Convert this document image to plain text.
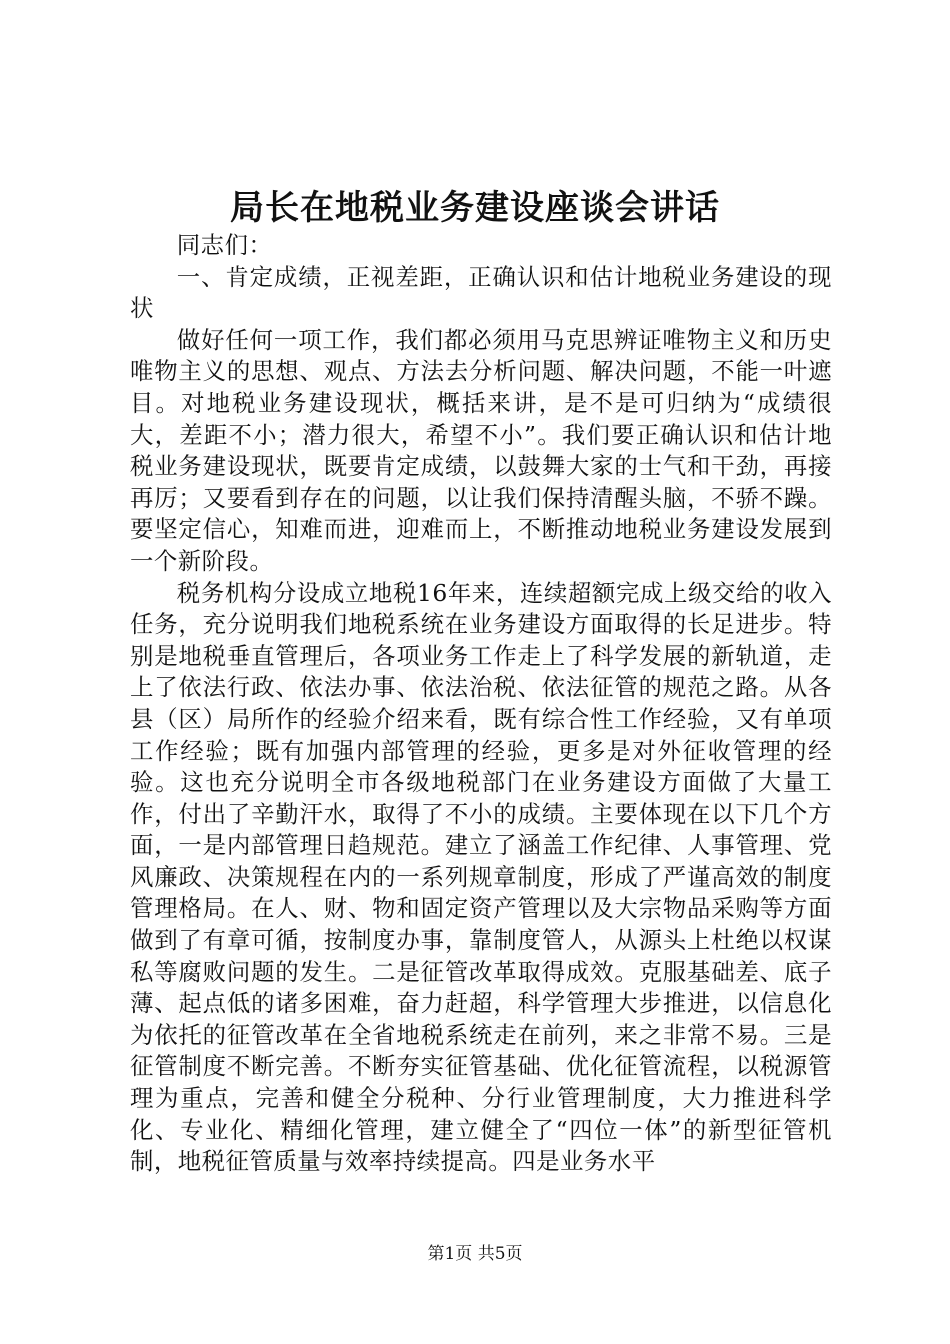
局长在地税业务建设座谈会讲话

同志们：

一、肯定成绩，正视差距，正确认识和估计地税业务建设的现状

做好任何一项工作，我们都必须用马克思辨证唯物主义和历史唯物主义的思想、观点、方法去分析问题、解决问题，不能一叶遮目。对地税业务建设现状，概括来讲，是不是可归纳为“成绩很大，差距不小；潜力很大，希望不小”。我们要正确认识和估计地税业务建设现状，既要肯定成绩，以鼓舞大家的士气和干劲，再接再厉；又要看到存在的问题，以让我们保持清醒头脑，不骄不躁。要坚定信心，知难而进，迎难而上，不断推动地税业务建设发展到一个新阶段。

税务机构分设成立地税16年来，连续超额完成上级交给的收入任务，充分说明我们地税系统在业务建设方面取得的长足进步。特别是地税垂直管理后，各项业务工作走上了科学发展的新轨道，走上了依法行政、依法办事、依法治税、依法征管的规范之路。从各县（区）局所作的经验介绍来看，既有综合性工作经验，又有单项工作经验；既有加强内部管理的经验，更多是对外征收管理的经验。这也充分说明全市各级地税部门在业务建设方面做了大量工作，付出了辛勤汗水，取得了不小的成绩。主要体现在以下几个方面，一是内部管理日趋规范。建立了涵盖工作纪律、人事管理、党风廉政、决策规程在内的一系列规章制度，形成了严谨高效的制度管理格局。在人、财、物和固定资产管理以及大宗物品采购等方面做到了有章可循，按制度办事，靠制度管人，从源头上杜绝以权谋私等腐败问题的发生。二是征管改革取得成效。克服基础差、底子薄、起点低的诸多困难，奋力赶超，科学管理大步推进，以信息化为依托的征管改革在全省地税系统走在前列，来之非常不易。三是征管制度不断完善。不断夯实征管基础、优化征管流程，以税源管理为重点，完善和健全分税种、分行业管理制度，大力推进科学化、专业化、精细化管理，建立健全了“四位一体”的新型征管机制，地税征管质量与效率持续提高。四是业务水平

第1页 共5页
